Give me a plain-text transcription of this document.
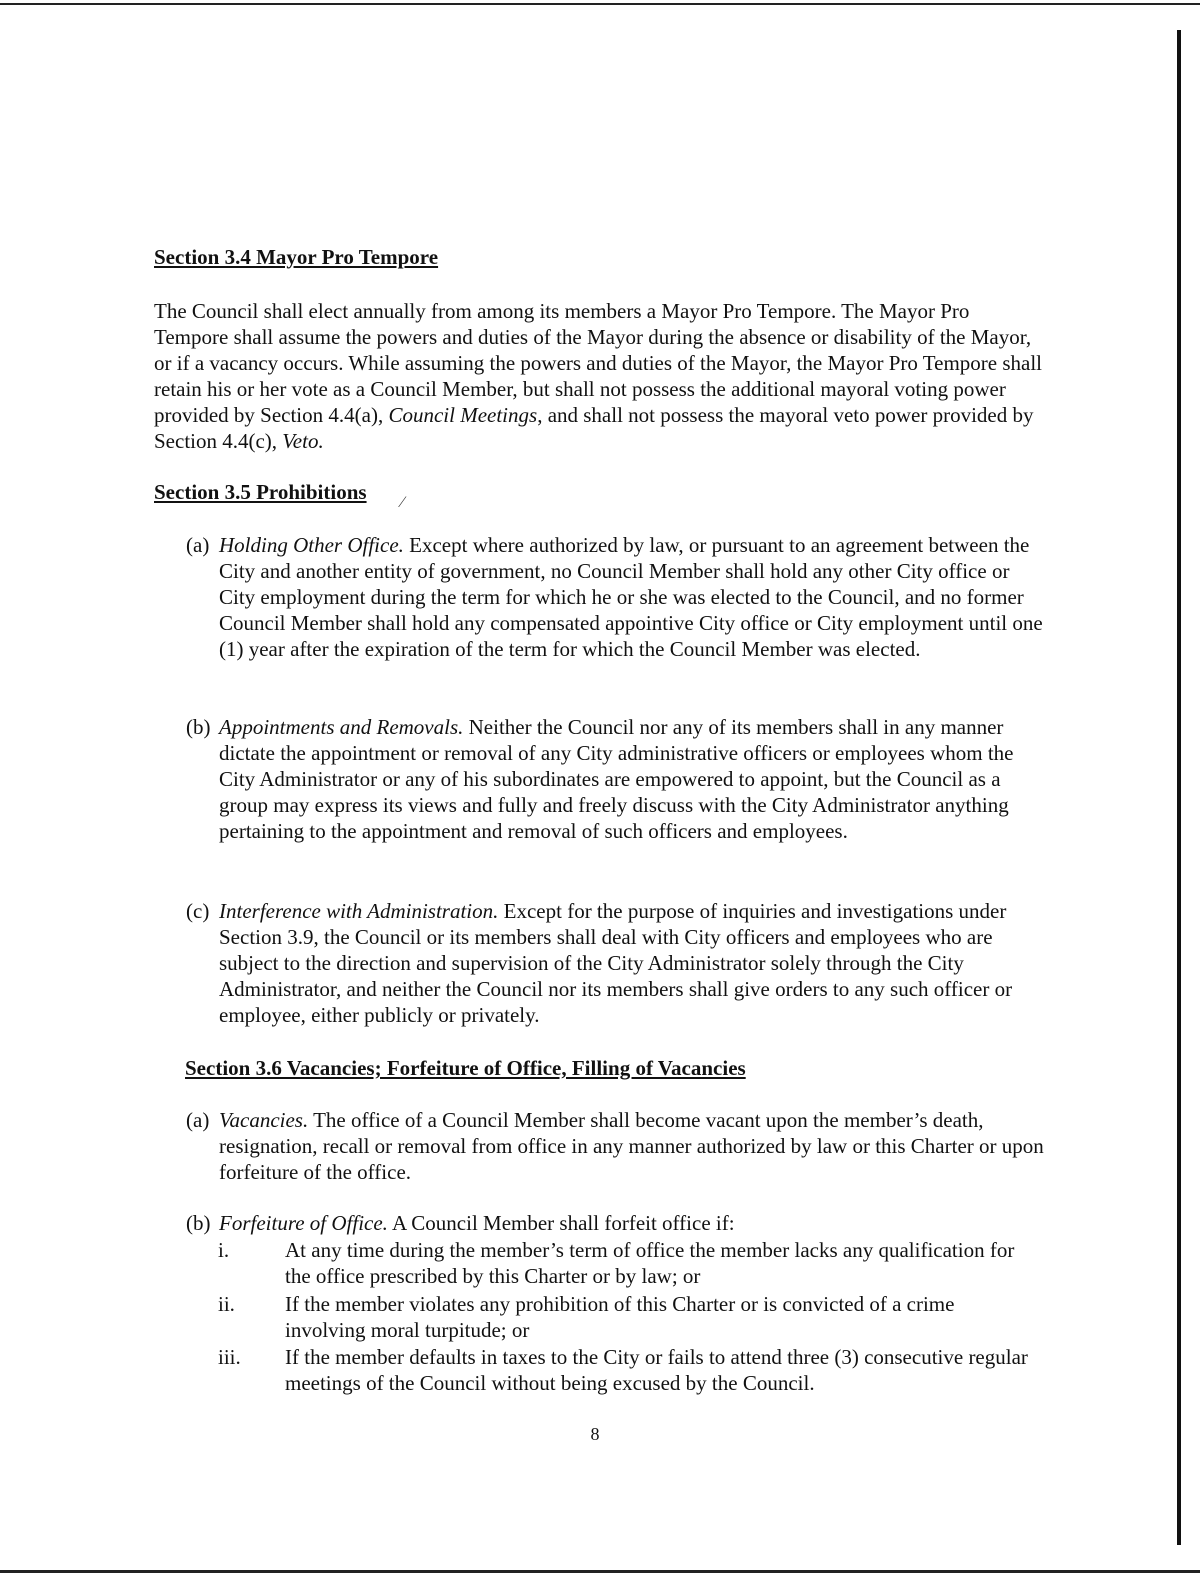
Section 3.4 Mayor Pro Tempore

The Council shall elect annually from among its members a Mayor Pro Tempore. The Mayor Pro Tempore shall assume the powers and duties of the Mayor during the absence or disability of the Mayor, or if a vacancy occurs. While assuming the powers and duties of the Mayor, the Mayor Pro Tempore shall retain his or her vote as a Council Member, but shall not possess the additional mayoral voting power provided by Section 4.4(a), Council Meetings, and shall not possess the mayoral veto power provided by Section 4.4(c), Veto.

Section 3.5 Prohibitions ⁄
(a) Holding Other Office. Except where authorized by law, or pursuant to an agreement between the City and another entity of government, no Council Member shall hold any other City office or City employment during the term for which he or she was elected to the Council, and no former Council Member shall hold any compensated appointive City office or City employment until one (1) year after the expiration of the term for which the Council Member was elected.
(b) Appointments and Removals. Neither the Council nor any of its members shall in any manner dictate the appointment or removal of any City administrative officers or employees whom the City Administrator or any of his subordinates are empowered to appoint, but the Council as a group may express its views and fully and freely discuss with the City Administrator anything pertaining to the appointment and removal of such officers and employees.
(c) Interference with Administration. Except for the purpose of inquiries and investigations under Section 3.9, the Council or its members shall deal with City officers and employees who are subject to the direction and supervision of the City Administrator solely through the City Administrator, and neither the Council nor its members shall give orders to any such officer or employee, either publicly or privately.
Section 3.6 Vacancies; Forfeiture of Office, Filling of Vacancies
(a) Vacancies. The office of a Council Member shall become vacant upon the member’s death, resignation, recall or removal from office in any manner authorized by law or this Charter or upon forfeiture of the office.
(b) Forfeiture of Office. A Council Member shall forfeit office if:
i.	At any time during the member’s term of office the member lacks any qualification for the office prescribed by this Charter or by law; or
ii.	If the member violates any prohibition of this Charter or is convicted of a crime involving moral turpitude; or
iii.	If the member defaults in taxes to the City or fails to attend three (3) consecutive regular meetings of the Council without being excused by the Council.
8
